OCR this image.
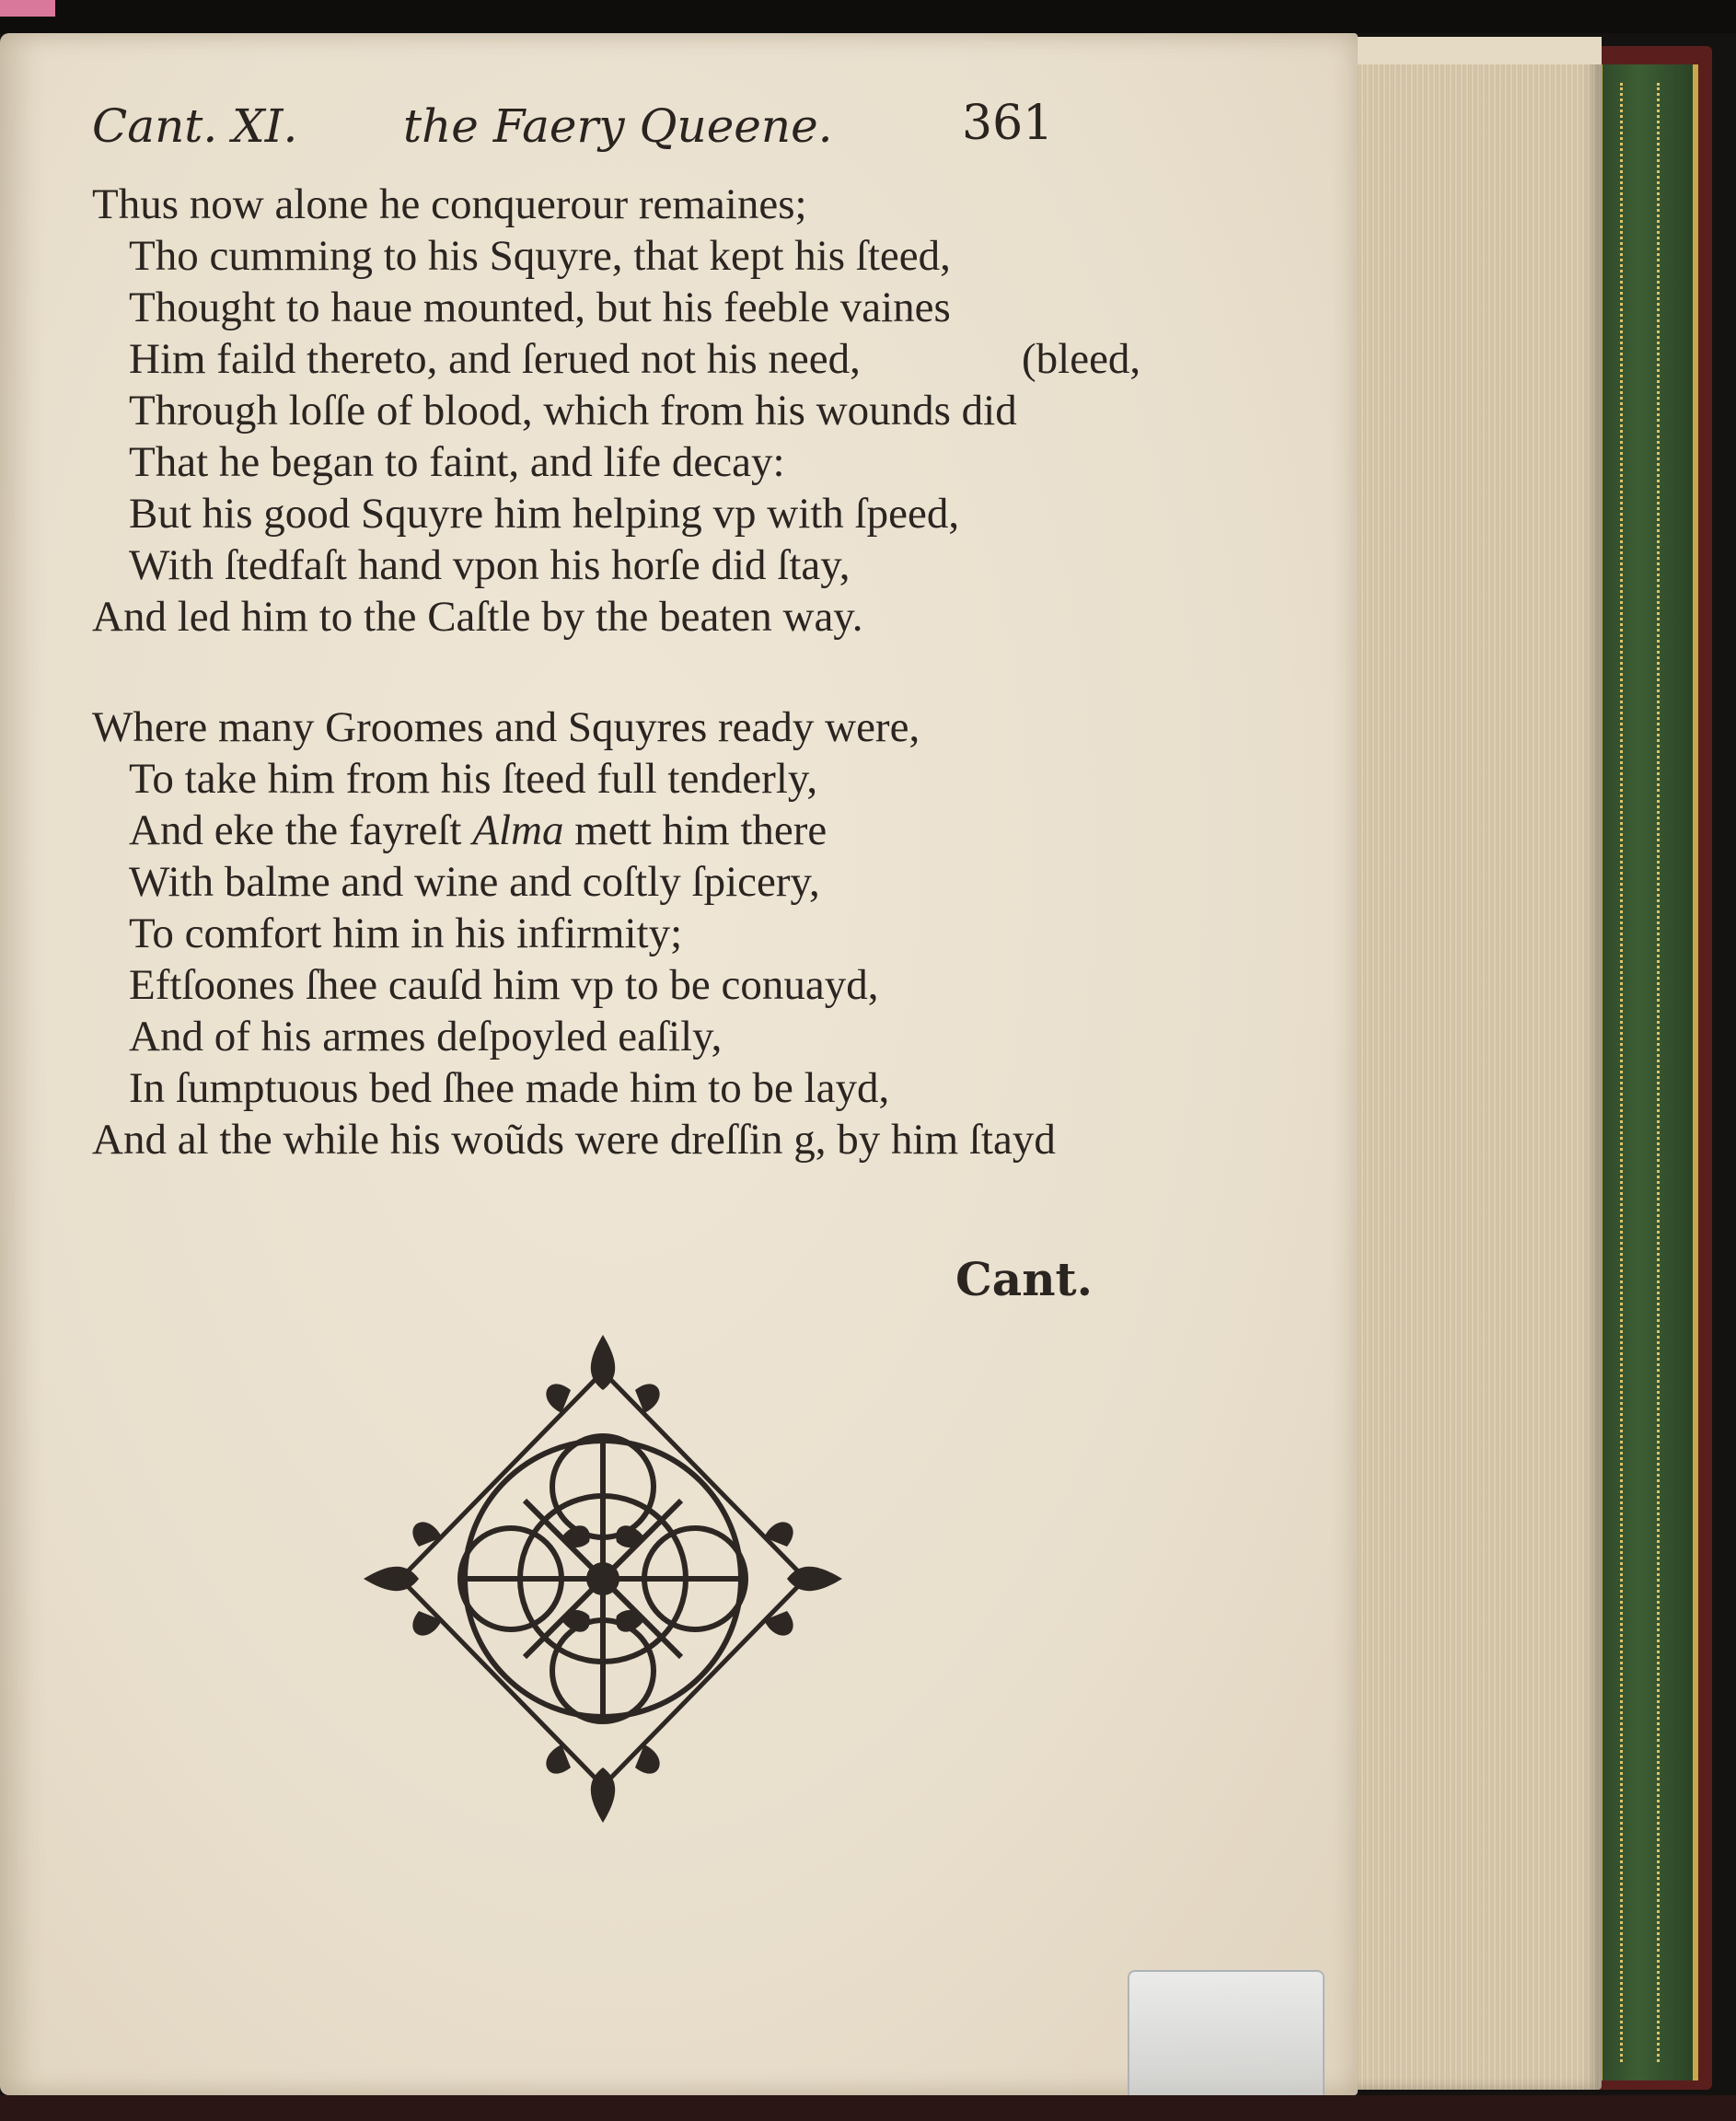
Cant. XI. the Faery Queene.	361
Thus now alone he conquerour remaines;
Tho cumming to his Squyre, that kept his ſteed,
Thought to haue mounted, but his feeble vaines
Him faild thereto, and ſerued not his need,	(bleed,
Through loſſe of blood, which from his wounds did
That he began to faint, and life decay:
But his good Squyre him helping vp with ſpeed,
With ſtedfaſt hand vpon his horſe did ſtay,
And led him to the Caſtle by the beaten way.
Where many Groomes and Squyres ready were,
To take him from his ſteed full tenderly,
And eke the fayreſt Alma mett him there
With balme and wine and coſtly ſpicery,
To comfort him in his infirmity;
Eftſoones ſhee cauſd him vp to be conuayd,
And of his armes deſpoyled eaſily,
In ſumptuous bed ſhee made him to be layd,
And al the while his woũds were dreſſin g, by him ſtayd
Cant.
